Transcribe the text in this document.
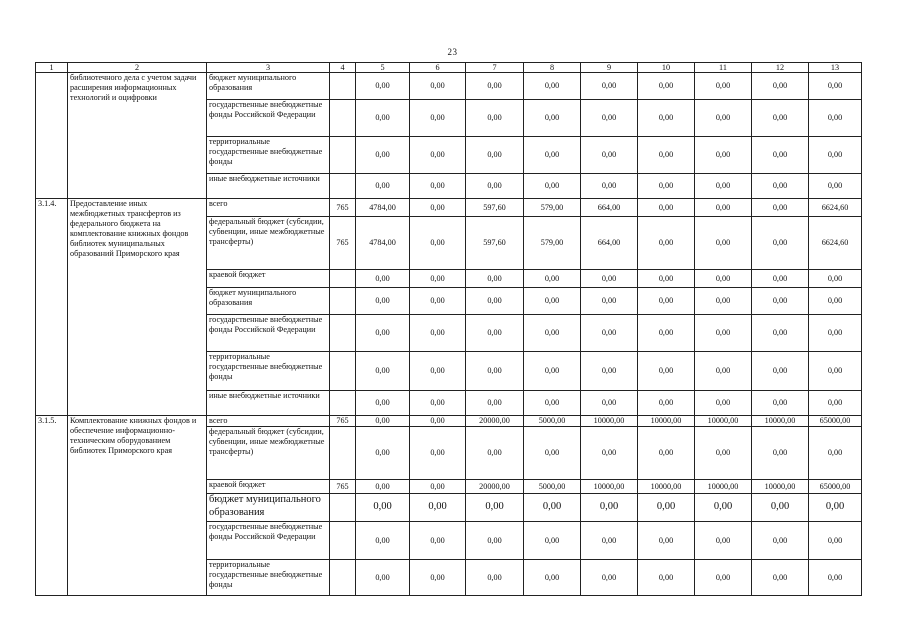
23
1	2	3	4	5	6	7	8	9	10	11	12	13
	библиотечного дела с учетом задачи расширения информационных технологий и оцифровки	бюджет муниципального образования		0,00	0,00	0,00	0,00	0,00	0,00	0,00	0,00	0,00
		государственные внебюджетные фонды Российской Федерации		0,00	0,00	0,00	0,00	0,00	0,00	0,00	0,00	0,00
		территориальные государственные внебюджетные фонды		0,00	0,00	0,00	0,00	0,00	0,00	0,00	0,00	0,00
		иные внебюджетные источники		0,00	0,00	0,00	0,00	0,00	0,00	0,00	0,00	0,00
3.1.4.	Предоставление иных межбюджетных трансфертов из федерального бюджета на комплектование книжных фондов библиотек муниципальных образований Приморского края	всего	765	4784,00	0,00	597,60	579,00	664,00	0,00	0,00	0,00	6624,60
		федеральный бюджет (субсидии, субвенции, иные межбюджетные трансферты)	765	4784,00	0,00	597,60	579,00	664,00	0,00	0,00	0,00	6624,60
		краевой бюджет		0,00	0,00	0,00	0,00	0,00	0,00	0,00	0,00	0,00
		бюджет муниципального образования		0,00	0,00	0,00	0,00	0,00	0,00	0,00	0,00	0,00
		государственные внебюджетные фонды Российской Федерации		0,00	0,00	0,00	0,00	0,00	0,00	0,00	0,00	0,00
		территориальные государственные внебюджетные фонды		0,00	0,00	0,00	0,00	0,00	0,00	0,00	0,00	0,00
		иные внебюджетные источники		0,00	0,00	0,00	0,00	0,00	0,00	0,00	0,00	0,00
3.1.5.	Комплектование книжных фондов и обеспечение информационно-техническим оборудованием библиотек Приморского края	всего	765	0,00	0,00	20000,00	5000,00	10000,00	10000,00	10000,00	10000,00	65000,00
		федеральный бюджет (субсидии, субвенции, иные межбюджетные трансферты)		0,00	0,00	0,00	0,00	0,00	0,00	0,00	0,00	0,00
		краевой бюджет	765	0,00	0,00	20000,00	5000,00	10000,00	10000,00	10000,00	10000,00	65000,00
		бюджет муниципального образования		0,00	0,00	0,00	0,00	0,00	0,00	0,00	0,00	0,00
		государственные внебюджетные фонды Российской Федерации		0,00	0,00	0,00	0,00	0,00	0,00	0,00	0,00	0,00
		территориальные государственные внебюджетные фонды		0,00	0,00	0,00	0,00	0,00	0,00	0,00	0,00	0,00
